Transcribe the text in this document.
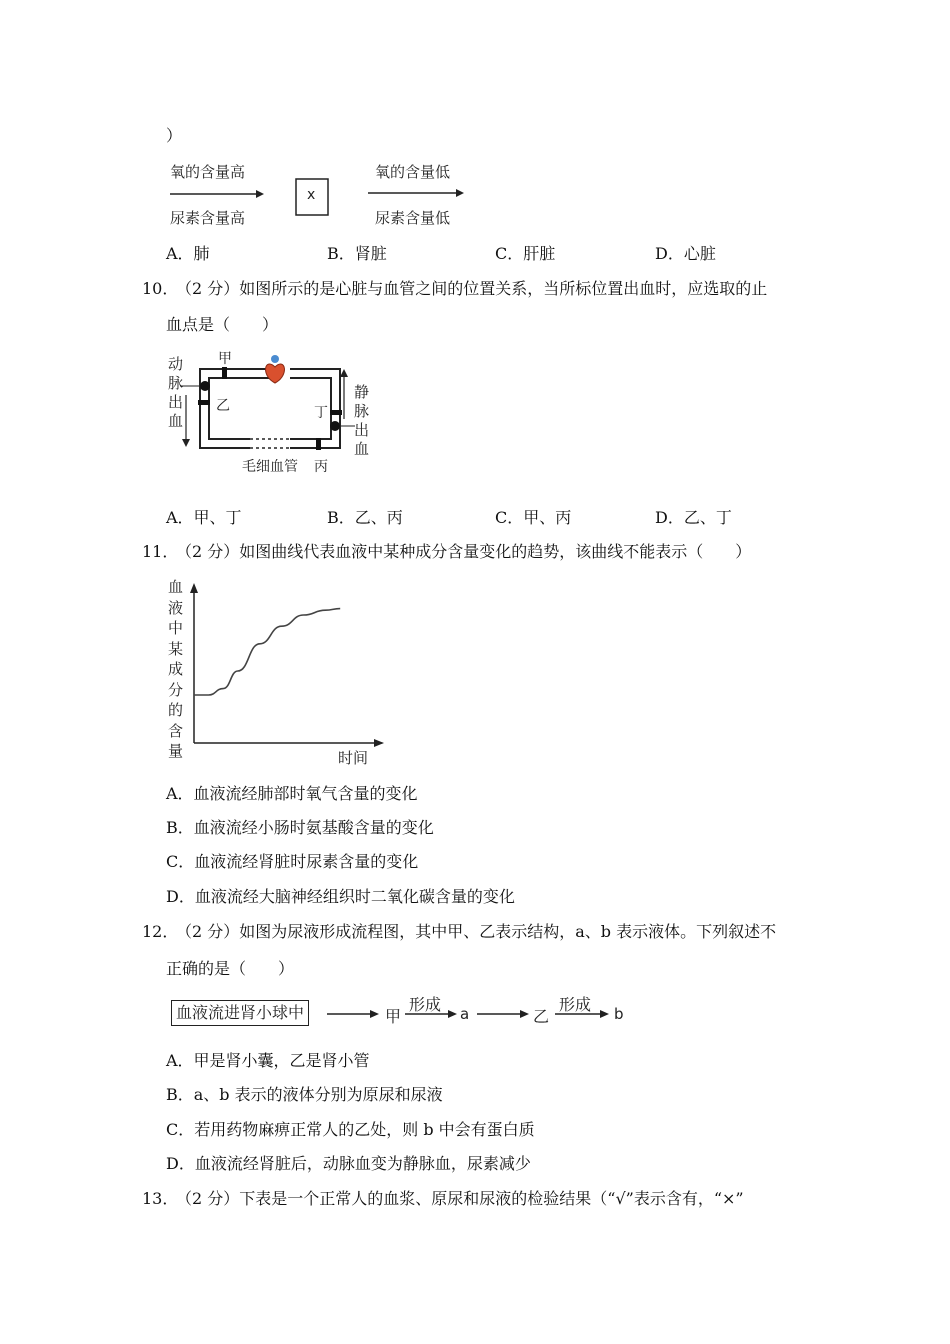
）
氧的含量高
尿素含量高
x
氧的含量低
尿素含量低
A．肺	B．肾脏	C．肝脏	D．心脏
10．
（2 分）如图所示的是心脏与血管之间的位置关系，当所标位置出血时，应选取的止
血点是（　　）
动
脉
出
血
静
脉
出
血
甲
乙	丁
毛细血管 丙
A．甲、丁	B．乙、丙	C．甲、丙	D．乙、丁
11．
（2 分）如图曲线代表血液中某种成分含量变化的趋势，该曲线不能表示（　　）
血
液
中
某
成
分
的
含
量	时间
A．血液流经肺部时氧气含量的变化
B．血液流经小肠时氨基酸含量的变化
C．血液流经肾脏时尿素含量的变化
D．血液流经大脑神经组织时二氧化碳含量的变化
12．
（2 分）如图为尿液形成流程图，其中甲、乙表示结构，a、b 表示液体。下列叙述不
正确的是（　　）
血液流进肾小球中	甲
形成 a	乙
形成 b
A．甲是肾小囊，乙是肾小管
B．a、b 表示的液体分别为原尿和尿液
C．若用药物麻痹正常人的乙处，则 b 中会有蛋白质
D．血液流经肾脏后，动脉血变为静脉血，尿素减少
13．
（2 分）下表是一个正常人的血浆、原尿和尿液的检验结果（“√”表示含有，“×”
